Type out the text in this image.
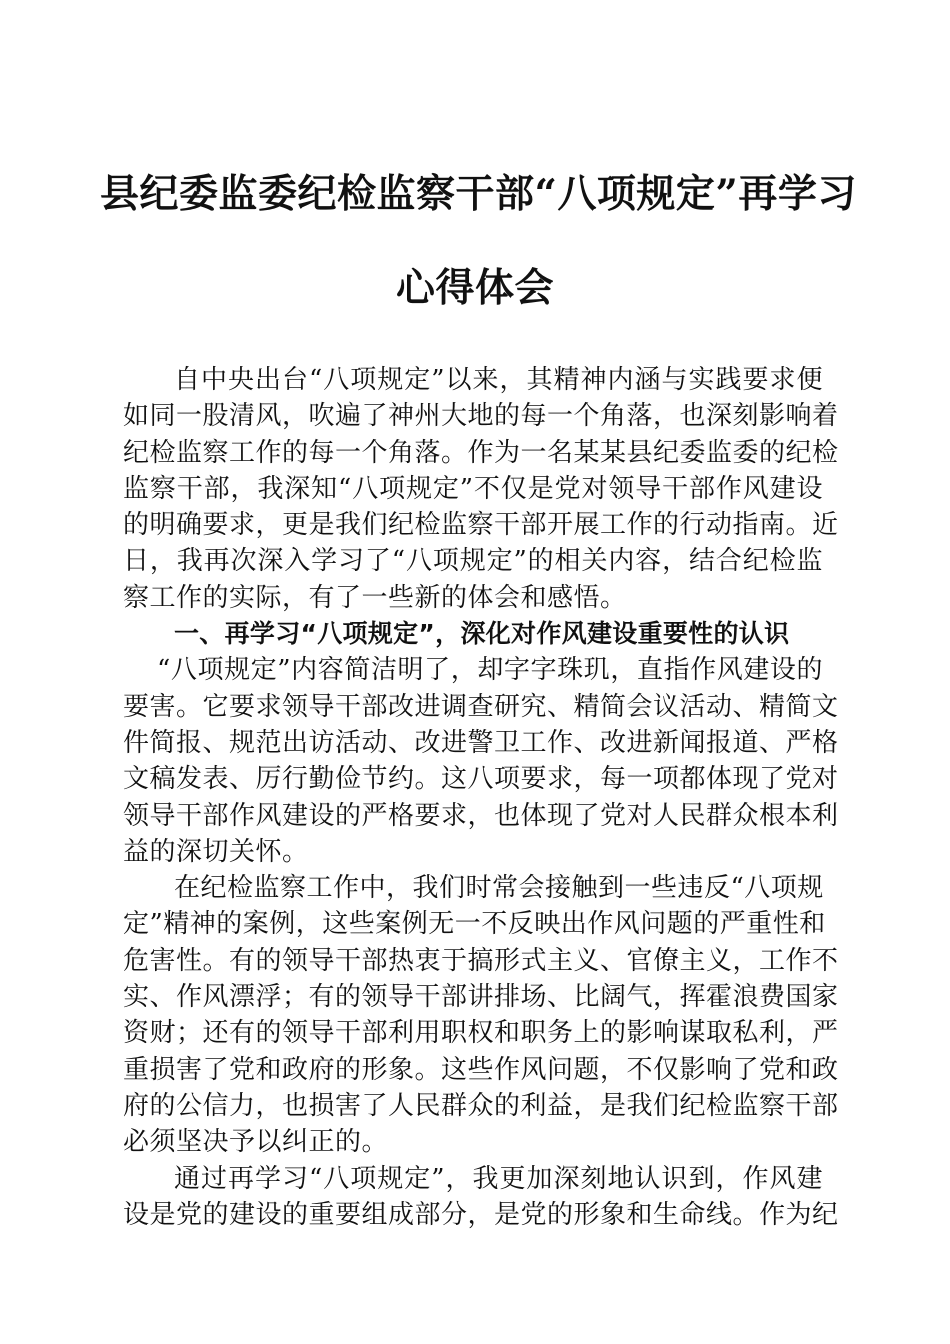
县纪委监委纪检监察干部“八项规定”再学习
心得体会
自中央出台“八项规定”以来，其精神内涵与实践要求便
如同一股清风，吹遍了神州大地的每一个角落，也深刻影响着
纪检监察工作的每一个角落。作为一名某某县纪委监委的纪检
监察干部，我深知“八项规定”不仅是党对领导干部作风建设
的明确要求，更是我们纪检监察干部开展工作的行动指南。近
日，我再次深入学习了“八项规定”的相关内容，结合纪检监
察工作的实际，有了一些新的体会和感悟。
一、再学习“八项规定”，深化对作风建设重要性的认识
“八项规定”内容简洁明了，却字字珠玑，直指作风建设的
要害。它要求领导干部改进调查研究、精简会议活动、精简文
件简报、规范出访活动、改进警卫工作、改进新闻报道、严格
文稿发表、厉行勤俭节约。这八项要求，每一项都体现了党对
领导干部作风建设的严格要求，也体现了党对人民群众根本利
益的深切关怀。
在纪检监察工作中，我们时常会接触到一些违反“八项规
定”精神的案例，这些案例无一不反映出作风问题的严重性和
危害性。有的领导干部热衷于搞形式主义、官僚主义，工作不
实、作风漂浮；有的领导干部讲排场、比阔气，挥霍浪费国家
资财；还有的领导干部利用职权和职务上的影响谋取私利，严
重损害了党和政府的形象。这些作风问题，不仅影响了党和政
府的公信力，也损害了人民群众的利益，是我们纪检监察干部
必须坚决予以纠正的。
通过再学习“八项规定”，我更加深刻地认识到，作风建
设是党的建设的重要组成部分，是党的形象和生命线。作为纪
